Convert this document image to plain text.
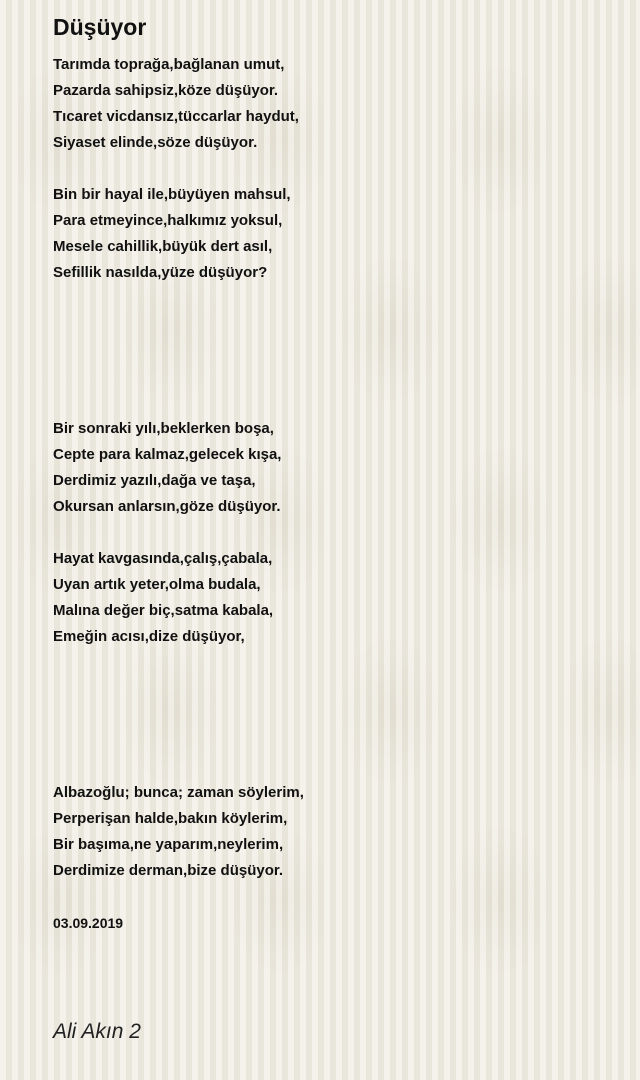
Düşüyor
Tarımda toprağa,bağlanan umut,
Pazarda sahipsiz,köze düşüyor.
Tıcaret vicdansız,tüccarlar haydut,
Siyaset elinde,söze düşüyor.
Bin bir hayal ile,büyüyen mahsul,
Para etmeyince,halkımız yoksul,
Mesele cahillik,büyük dert asıl,
Sefillik nasılda,yüze düşüyor?
Bir sonraki yılı,beklerken boşa,
Cepte para kalmaz,gelecek kışa,
Derdimiz yazılı,dağa ve taşa,
Okursan anlarsın,göze düşüyor.
Hayat kavgasında,çalış,çabala,
Uyan artık yeter,olma budala,
Malına değer biç,satma kabala,
Emeğin acısı,dize düşüyor,
Albazoğlu; bunca; zaman söylerim,
Perperişan halde,bakın köylerim,
Bir başıma,ne yaparım,neylerim,
Derdimize derman,bize düşüyor.
03.09.2019
Ali Akın 2
